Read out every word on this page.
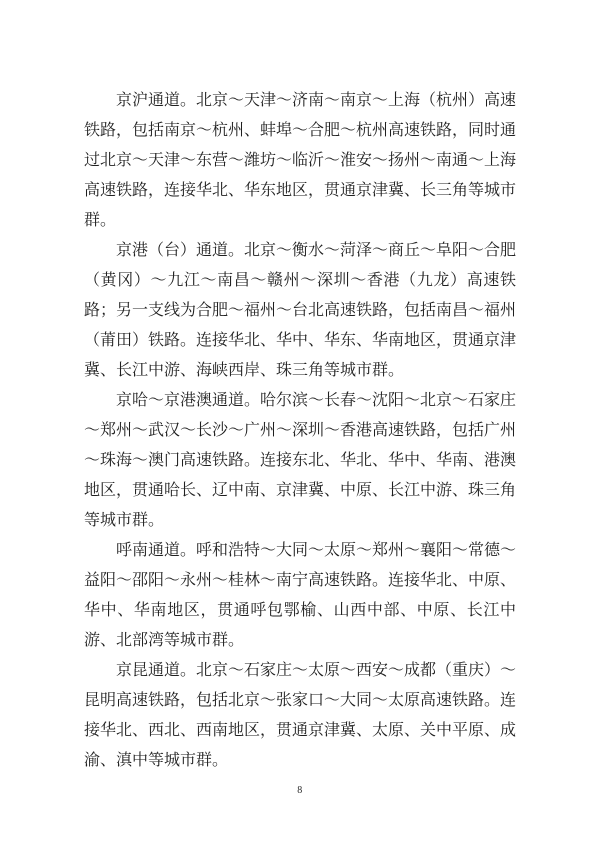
京沪通道。北京～天津～济南～南京～上海（杭州）高速铁路，包括南京～杭州、蚌埠～合肥～杭州高速铁路，同时通过北京～天津～东营～潍坊～临沂～淮安～扬州～南通～上海高速铁路，连接华北、华东地区，贯通京津冀、长三角等城市群。

京港（台）通道。北京～衡水～菏泽～商丘～阜阳～合肥（黄冈）～九江～南昌～赣州～深圳～香港（九龙）高速铁路；另一支线为合肥～福州～台北高速铁路，包括南昌～福州（莆田）铁路。连接华北、华中、华东、华南地区，贯通京津冀、长江中游、海峡西岸、珠三角等城市群。

京哈～京港澳通道。哈尔滨～长春～沈阳～北京～石家庄～郑州～武汉～长沙～广州～深圳～香港高速铁路，包括广州～珠海～澳门高速铁路。连接东北、华北、华中、华南、港澳地区，贯通哈长、辽中南、京津冀、中原、长江中游、珠三角等城市群。

呼南通道。呼和浩特～大同～太原～郑州～襄阳～常德～益阳～邵阳～永州～桂林～南宁高速铁路。连接华北、中原、华中、华南地区，贯通呼包鄂榆、山西中部、中原、长江中游、北部湾等城市群。

京昆通道。北京～石家庄～太原～西安～成都（重庆）～昆明高速铁路，包括北京～张家口～大同～太原高速铁路。连接华北、西北、西南地区，贯通京津冀、太原、关中平原、成渝、滇中等城市群。

8
